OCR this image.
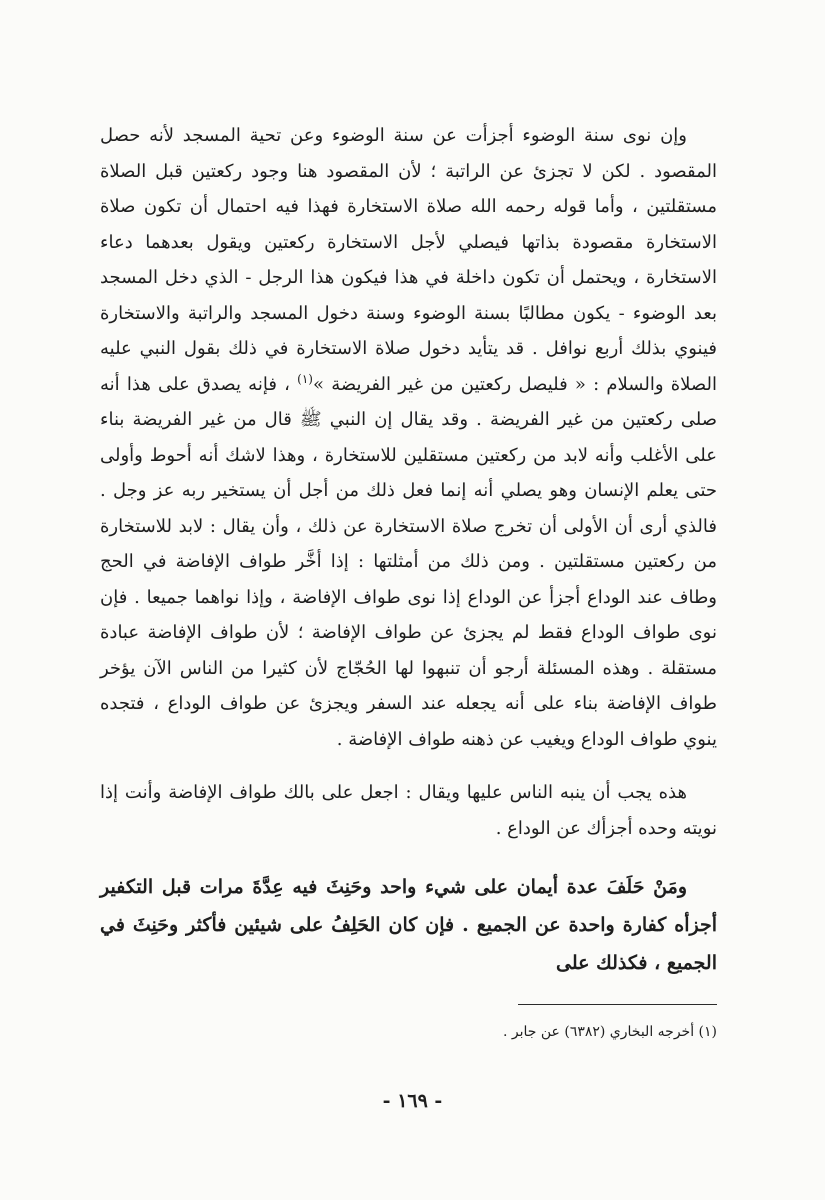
وإن نوى سنة الوضوء أجزأت عن سنة الوضوء وعن تحية المسجد لأنه حصل المقصود . لكن لا تجزئ عن الراتبة ؛ لأن المقصود هنا وجود ركعتين قبل الصلاة مستقلتين ، وأما قوله رحمه الله صلاة الاستخارة فهذا فيه احتمال أن تكون صلاة الاستخارة مقصودة بذاتها فيصلي لأجل الاستخارة ركعتين ويقول بعدهما دعاء الاستخارة ، ويحتمل أن تكون داخلة في هذا فيكون هذا الرجل - الذي دخل المسجد بعد الوضوء - يكون مطالبًا بسنة الوضوء وسنة دخول المسجد والراتبة والاستخارة فينوي بذلك أربع نوافل . قد يتأيد دخول صلاة الاستخارة في ذلك بقول النبي عليه الصلاة والسلام : « فليصل ركعتين من غير الفريضة »$^{(١)}$ ، فإنه يصدق على هذا أنه صلى ركعتين من غير الفريضة . وقد يقال إن النبي ﷺ قال من غير الفريضة بناء على الأغلب وأنه لابد من ركعتين مستقلين للاستخارة ، وهذا لاشك أنه أحوط وأولى حتى يعلم الإنسان وهو يصلي أنه إنما فعل ذلك من أجل أن يستخير ربه عز وجل . فالذي أرى أن الأولى أن تخرج صلاة الاستخارة عن ذلك ، وأن يقال : لابد للاستخارة من ركعتين مستقلتين . ومن ذلك من أمثلتها : إذا أخَّر طواف الإفاضة في الحج وطاف عند الوداع أجزأ عن الوداع إذا نوى طواف الإفاضة ، وإذا نواهما جميعا . فإن نوى طواف الوداع فقط لم يجزئ عن طواف الإفاضة ؛ لأن طواف الإفاضة عبادة مستقلة . وهذه المسئلة أرجو أن تنبهوا لها الحُجّاج لأن كثيرا من الناس الآن يؤخر طواف الإفاضة بناء على أنه يجعله عند السفر ويجزئ عن طواف الوداع ، فتجده ينوي طواف الوداع ويغيب عن ذهنه طواف الإفاضة .

هذه يجب أن ينبه الناس عليها ويقال : اجعل على بالك طواف الإفاضة وأنت إذا نويته وحده أجزأك عن الوداع .

ومَنْ حَلَفَ عدة أيمان على شيء واحد وحَنِثَ فيه عِدَّةَ مرات قبل التكفير أجزأه كفارة واحدة عن الجميع . فإن كان الحَلِفُ على شيئين فأكثر وحَنِثَ في الجميع ، فكذلك على

(١) أخرجه البخاري (٦٣٨٢) عن جابر .

- ١٦٩ -
